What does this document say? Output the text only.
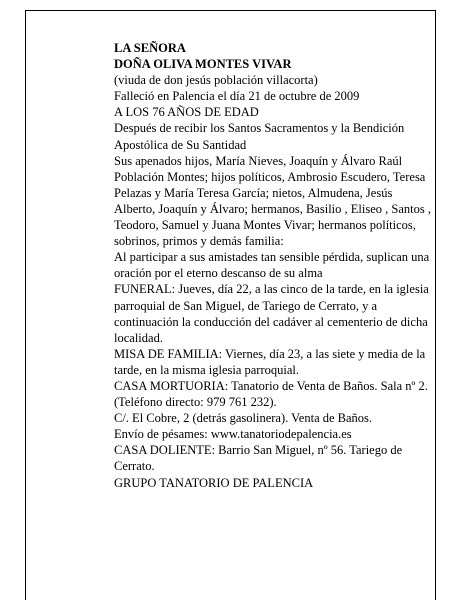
LA SEÑORA

DOÑA OLIVA MONTES VIVAR

(viuda de don jesús población villacorta)

Falleció en Palencia el día 21 de octubre de 2009

A LOS 76 AÑOS DE EDAD

Después de recibir los Santos Sacramentos y la Bendición Apostólica de Su Santidad

Sus apenados hijos, María Nieves, Joaquín y Álvaro Raúl Población Montes; hijos políticos, Ambrosio Escudero, Teresa Pelazas y María Teresa García; nietos, Almudena, Jesús Alberto, Joaquín y Álvaro; hermanos, Basilio , Eliseo , Santos , Teodoro, Samuel y Juana Montes Vivar; hermanos políticos, sobrinos, primos y demás familia:

Al participar a sus amistades tan sensible pérdida, suplican una oración por el eterno descanso de su alma

FUNERAL: Jueves, día 22, a las cinco de la tarde, en la iglesia parroquial de San Miguel, de Tariego de Cerrato, y a continuación la conducción del cadáver al cementerio de dicha localidad.

MISA DE FAMILIA: Viernes, día 23, a las siete y media de la tarde, en la misma iglesia parroquial.

CASA MORTUORIA: Tanatorio de Venta de Baños. Sala nº 2. (Teléfono directo: 979 761 232).

C/. El Cobre, 2 (detrás gasolinera). Venta de Baños.

Envío de pésames: www.tanatoriodepalencia.es

CASA DOLIENTE: Barrio San Miguel, nº 56. Tariego de Cerrato.

GRUPO TANATORIO DE PALENCIA
